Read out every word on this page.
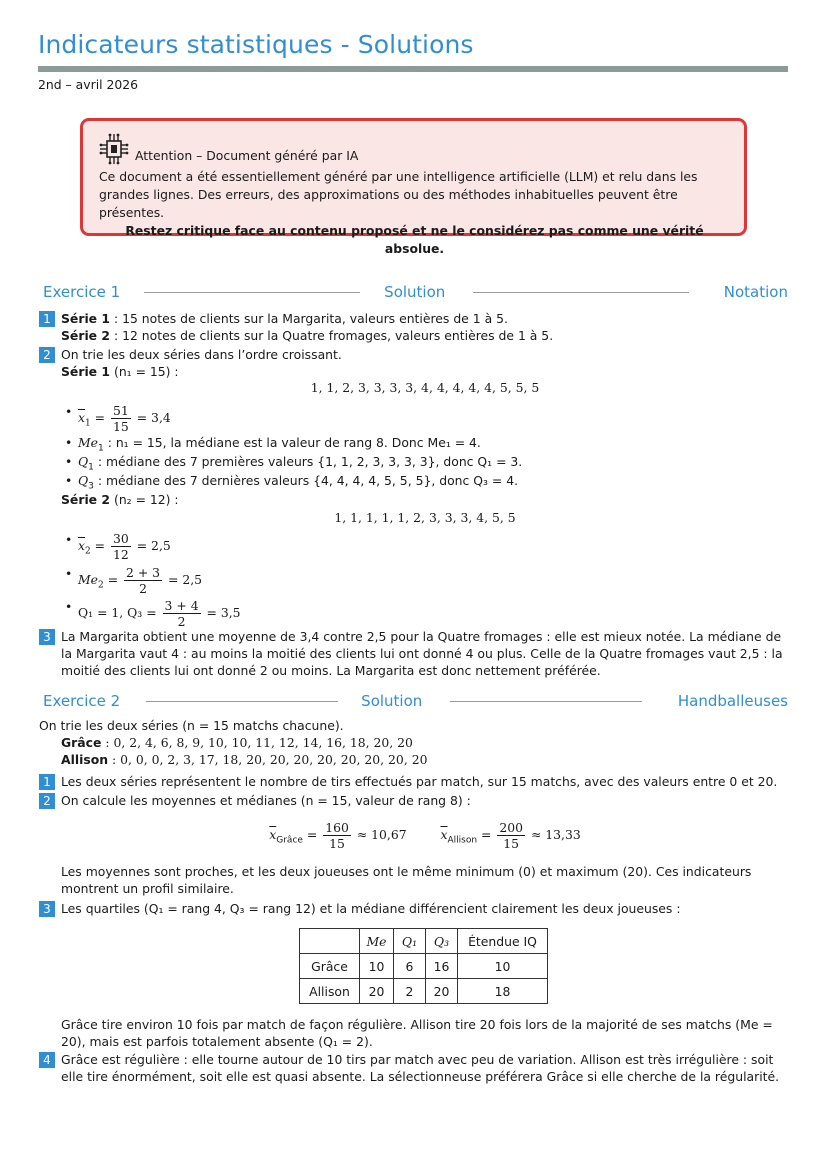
Indicateurs statistiques - Solutions
2nd – avril 2026
Attention – Document généré par IA
Ce document a été essentiellement généré par une intelligence artificielle (LLM) et relu dans les grandes lignes. Des erreurs, des approximations ou des méthodes inhabituelles peuvent être présentes.
Restez critique face au contenu proposé et ne le considérez pas comme une vérité absolue.
Exercice 1	Solution	Notation
1 Série 1 : 15 notes de clients sur la Margarita, valeurs entières de 1 à 5.
Série 2 : 12 notes de clients sur la Quatre fromages, valeurs entières de 1 à 5.
2 On trie les deux séries dans l’ordre croissant.
Série 1 (n₁ = 15) :
1, 1, 2, 3, 3, 3, 3, 4, 4, 4, 4, 4, 5, 5, 5
• $\overline{x}_1 = \frac{51}{15} = 3,4$
• $Me_1$ : n₁ = 15, la médiane est la valeur de rang 8. Donc Me₁ = 4.
• $Q_1$ : médiane des 7 premières valeurs {1, 1, 2, 3, 3, 3, 3}, donc Q₁ = 3.
• $Q_3$ : médiane des 7 dernières valeurs {4, 4, 4, 4, 5, 5, 5}, donc Q₃ = 4.
Série 2 (n₂ = 12) :
1, 1, 1, 1, 1, 2, 3, 3, 3, 4, 5, 5
• $\overline{x}_2 = \frac{30}{12} = 2,5$
• $Me_2 = \frac{2 + 3}{2} = 2,5$
• Q₁ = 1, $Q_3 = \frac{3 + 4}{2} = 3,5$
3 La Margarita obtient une moyenne de 3,4 contre 2,5 pour la Quatre fromages : elle est mieux notée. La médiane de la Margarita vaut 4 : au moins la moitié des clients lui ont donné 4 ou plus. Celle de la Quatre fromages vaut 2,5 : la moitié des clients lui ont donné 2 ou moins. La Margarita est donc nettement préférée.
Exercice 2	Solution	Handballeuses
On trie les deux séries (n = 15 matchs chacune).
Grâce : 0, 2, 4, 6, 8, 9, 10, 10, 11, 12, 14, 16, 18, 20, 20
Allison : 0, 0, 0, 2, 3, 17, 18, 20, 20, 20, 20, 20, 20, 20, 20
1 Les deux séries représentent le nombre de tirs effectués par match, sur 15 matchs, avec des valeurs entre 0 et 20.
2 On calcule les moyennes et médianes (n = 15, valeur de rang 8) :
$\overline{x}_{Grâce} = \frac{160}{15} \approx 10,67$	$\overline{x}_{Allison} = \frac{200}{15} \approx 13,33$
Les moyennes sont proches, et les deux joueuses ont le même minimum (0) et maximum (20). Ces indicateurs montrent un profil similaire.
3 Les quartiles (Q₁ = rang 4, Q₃ = rang 12) et la médiane différencient clairement les deux joueuses :
	Me	Q₁	Q₃	Étendue IQ
Grâce	10	6	16	10
Allison	20	2	20	18
Grâce tire environ 10 fois par match de façon régulière. Allison tire 20 fois lors de la majorité de ses matchs (Me = 20), mais est parfois totalement absente (Q₁ = 2).
4 Grâce est régulière : elle tourne autour de 10 tirs par match avec peu de variation. Allison est très irrégulière : soit elle tire énormément, soit elle est quasi absente. La sélectionneuse préférera Grâce si elle cherche de la régularité.
